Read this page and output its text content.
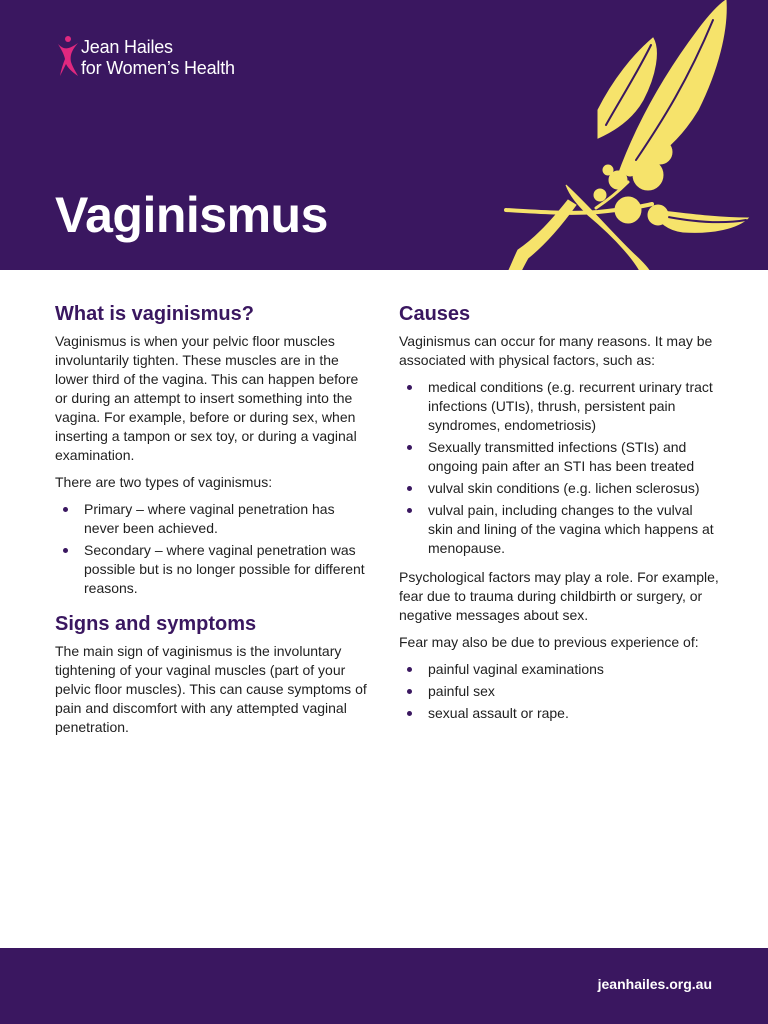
Jean Hailes
for Women’s Health
Vaginismus
What is vaginismus?

Vaginismus is when your pelvic floor muscles involuntarily tighten. These muscles are in the lower third of the vagina. This can happen before or during an attempt to insert something into the vagina. For example, before or during sex, when inserting a tampon or sex toy, or during a vaginal examination.

There are two types of vaginismus:

Primary – where vaginal penetration has never been achieved.
Secondary – where vaginal penetration was possible but is no longer possible for different reasons.
Signs and symptoms

The main sign of vaginismus is the involuntary tightening of your vaginal muscles (part of your pelvic floor muscles). This can cause symptoms of pain and discomfort with any attempted vaginal penetration.

Causes

Vaginismus can occur for many reasons. It may be associated with physical factors, such as:

medical conditions (e.g. recurrent urinary tract infections (UTIs), thrush, persistent pain syndromes, endometriosis)
Sexually transmitted infections (STIs) and ongoing pain after an STI has been treated
vulval skin conditions (e.g. lichen sclerosus)
vulval pain, including changes to the vulval skin and lining of the vagina which happens at menopause.

Psychological factors may play a role. For example, fear due to trauma during childbirth or surgery, or negative messages about sex.

Fear may also be due to previous experience of:

painful vaginal examinations
painful sex
sexual assault or rape.
jeanhailes.org.au
